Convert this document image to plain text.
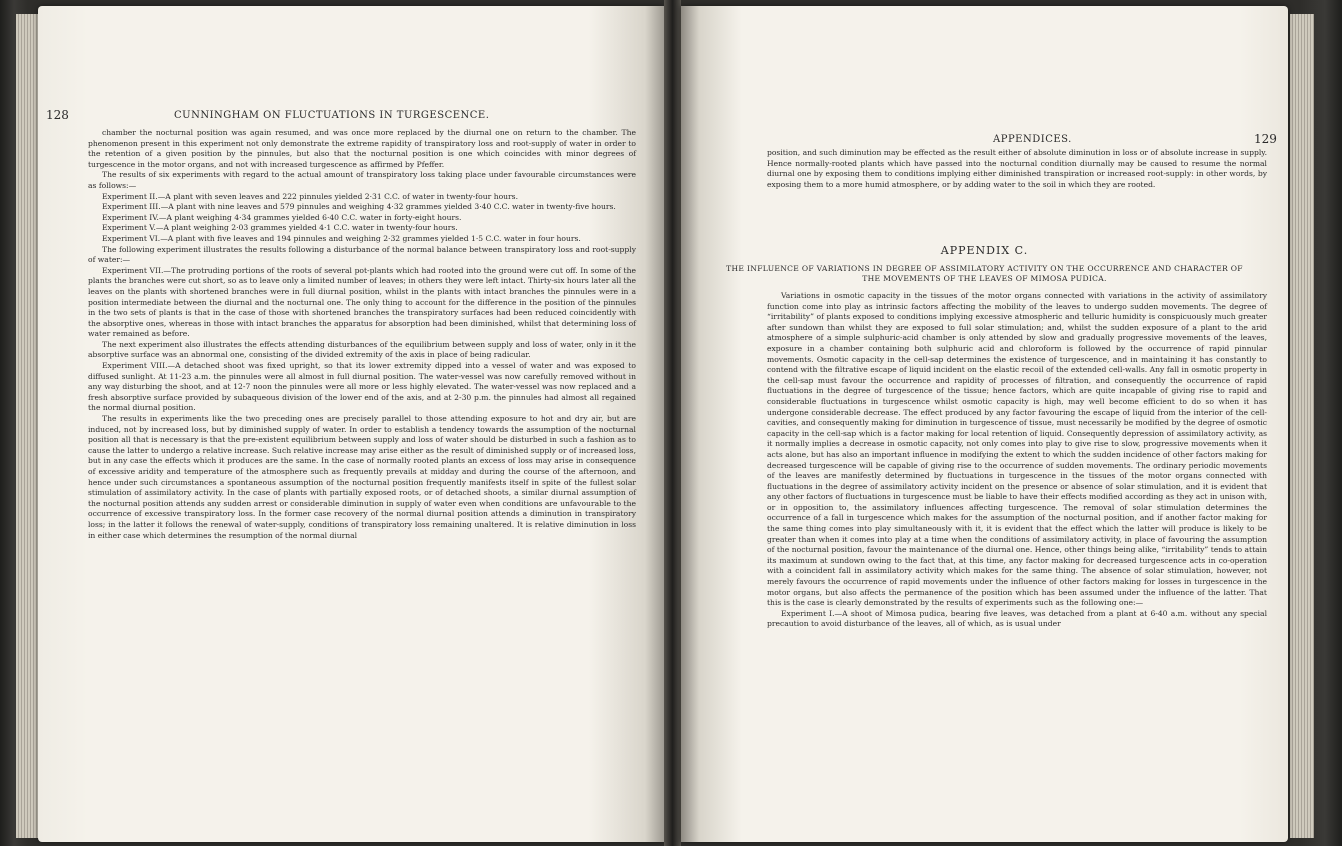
128	CUNNINGHAM ON FLUCTUATIONS IN TURGESCENCE.

chamber the nocturnal position was again resumed, and was once more replaced by the diurnal one on return to the chamber. The phenomenon present in this experiment not only demonstrate the extreme rapidity of transpiratory loss and root-supply of water in order to the retention of a given position by the pinnules, but also that the nocturnal position is one which coincides with minor degrees of turgescence in the motor organs, and not with increased turgescence as affirmed by Pfeffer.

The results of six experiments with regard to the actual amount of transpiratory loss taking place under favourable circumstances were as follows:—

Experiment II.—A plant with seven leaves and 222 pinnules yielded 2·31 C.C. of water in twenty-four hours.

Experiment III.—A plant with nine leaves and 579 pinnules and weighing 4·32 grammes yielded 3·40 C.C. water in twenty-five hours.

Experiment IV.—A plant weighing 4·34 grammes yielded 6·40 C.C. water in forty-eight hours.

Experiment V.—A plant weighing 2·03 grammes yielded 4·1 C.C. water in twenty-four hours.

Experiment VI.—A plant with five leaves and 194 pinnules and weighing 2·32 grammes yielded 1·5 C.C. water in four hours.

The following experiment illustrates the results following a disturbance of the normal balance between transpiratory loss and root-supply of water:—

Experiment VII.—The protruding portions of the roots of several pot-plants which had rooted into the ground were cut off. In some of the plants the branches were cut short, so as to leave only a limited number of leaves; in others they were left intact. Thirty-six hours later all the leaves on the plants with shortened branches were in full diurnal position, whilst in the plants with intact branches the pinnules were in a position intermediate between the diurnal and the nocturnal one. The only thing to account for the difference in the position of the pinnules in the two sets of plants is that in the case of those with shortened branches the transpiratory surfaces had been reduced coincidently with the absorptive ones, whereas in those with intact branches the apparatus for absorption had been diminished, whilst that determining loss of water remained as before.

The next experiment also illustrates the effects attending disturbances of the equilibrium between supply and loss of water, only in it the absorptive surface was an abnormal one, consisting of the divided extremity of the axis in place of being radicular.

Experiment VIII.—A detached shoot was fixed upright, so that its lower extremity dipped into a vessel of water and was exposed to diffused sunlight. At 11-23 a.m. the pinnules were all almost in full diurnal position. The water-vessel was now carefully removed without in any way disturbing the shoot, and at 12-7 noon the pinnules were all more or less highly elevated. The water-vessel was now replaced and a fresh absorptive surface provided by subaqueous division of the lower end of the axis, and at 2-30 p.m. the pinnules had almost all regained the normal diurnal position.

The results in experiments like the two preceding ones are precisely parallel to those attending exposure to hot and dry air, but are induced, not by increased loss, but by diminished supply of water. In order to establish a tendency towards the assumption of the nocturnal position all that is necessary is that the pre-existent equilibrium between supply and loss of water should be disturbed in such a fashion as to cause the latter to undergo a relative increase. Such relative increase may arise either as the result of diminished supply or of increased loss, but in any case the effects which it produces are the same. In the case of normally rooted plants an excess of loss may arise in consequence of excessive aridity and temperature of the atmosphere such as frequently prevails at midday and during the course of the afternoon, and hence under such circumstances a spontaneous assumption of the nocturnal position frequently manifests itself in spite of the fullest solar stimulation of assimilatory activity. In the case of plants with partially exposed roots, or of detached shoots, a similar diurnal assumption of the nocturnal position attends any sudden arrest or considerable diminution in supply of water even when conditions are unfavourable to the occurrence of excessive transpiratory loss. In the former case recovery of the normal diurnal position attends a diminution in transpiratory loss; in the latter it follows the renewal of water-supply, conditions of transpiratory loss remaining unaltered. It is relative diminution in loss in either case which determines the resumption of the normal diurnal

APPENDICES.	129

position, and such diminution may be effected as the result either of absolute diminution in loss or of absolute increase in supply. Hence normally-rooted plants which have passed into the nocturnal condition diurnally may be caused to resume the normal diurnal one by exposing them to conditions implying either diminished transpiration or increased root-supply: in other words, by exposing them to a more humid atmosphere, or by adding water to the soil in which they are rooted.

APPENDIX C.
THE INFLUENCE OF VARIATIONS IN DEGREE OF ASSIMILATORY ACTIVITY ON THE OCCURRENCE AND CHARACTER OF THE MOVEMENTS OF THE LEAVES OF MIMOSA PUDICA.

Variations in osmotic capacity in the tissues of the motor organs connected with variations in the activity of assimilatory function come into play as intrinsic factors affecting the mobility of the leaves to undergo sudden movements. The degree of “irritability” of plants exposed to conditions implying excessive atmospheric and telluric humidity is conspicuously much greater after sundown than whilst they are exposed to full solar stimulation; and, whilst the sudden exposure of a plant to the arid atmosphere of a simple sulphuric-acid chamber is only attended by slow and gradually progressive movements of the leaves, exposure in a chamber containing both sulphuric acid and chloroform is followed by the occurrence of rapid pinnular movements. Osmotic capacity in the cell-sap determines the existence of turgescence, and in maintaining it has constantly to contend with the filtrative escape of liquid incident on the elastic recoil of the extended cell-walls. Any fall in osmotic property in the cell-sap must favour the occurrence and rapidity of processes of filtration, and consequently the occurrence of rapid fluctuations in the degree of turgescence of the tissue; hence factors, which are quite incapable of giving rise to rapid and considerable fluctuations in turgescence whilst osmotic capacity is high, may well become efficient to do so when it has undergone considerable decrease. The effect produced by any factor favouring the escape of liquid from the interior of the cell-cavities, and consequently making for diminution in turgescence of tissue, must necessarily be modified by the degree of osmotic capacity in the cell-sap which is a factor making for local retention of liquid. Consequently depression of assimilatory activity, as it normally implies a decrease in osmotic capacity, not only comes into play to give rise to slow, progressive movements when it acts alone, but has also an important influence in modifying the extent to which the sudden incidence of other factors making for decreased turgescence will be capable of giving rise to the occurrence of sudden movements. The ordinary periodic movements of the leaves are manifestly determined by fluctuations in turgescence in the tissues of the motor organs connected with fluctuations in the degree of assimilatory activity incident on the presence or absence of solar stimulation, and it is evident that any other factors of fluctuations in turgescence must be liable to have their effects modified according as they act in unison with, or in opposition to, the assimilatory influences affecting turgescence. The removal of solar stimulation determines the occurrence of a fall in turgescence which makes for the assumption of the nocturnal position, and if another factor making for the same thing comes into play simultaneously with it, it is evident that the effect which the latter will produce is likely to be greater than when it comes into play at a time when the conditions of assimilatory activity, in place of favouring the assumption of the nocturnal position, favour the maintenance of the diurnal one. Hence, other things being alike, “irritability” tends to attain its maximum at sundown owing to the fact that, at this time, any factor making for decreased turgescence acts in co-operation with a coincident fall in assimilatory activity which makes for the same thing. The absence of solar stimulation, however, not merely favours the occurrence of rapid movements under the influence of other factors making for losses in turgescence in the motor organs, but also affects the permanence of the position which has been assumed under the influence of the latter. That this is the case is clearly demonstrated by the results of experiments such as the following one:—

Experiment I.—A shoot of Mimosa pudica, bearing five leaves, was detached from a plant at 6-40 a.m. without any special precaution to avoid disturbance of the leaves, all of which, as is usual under
